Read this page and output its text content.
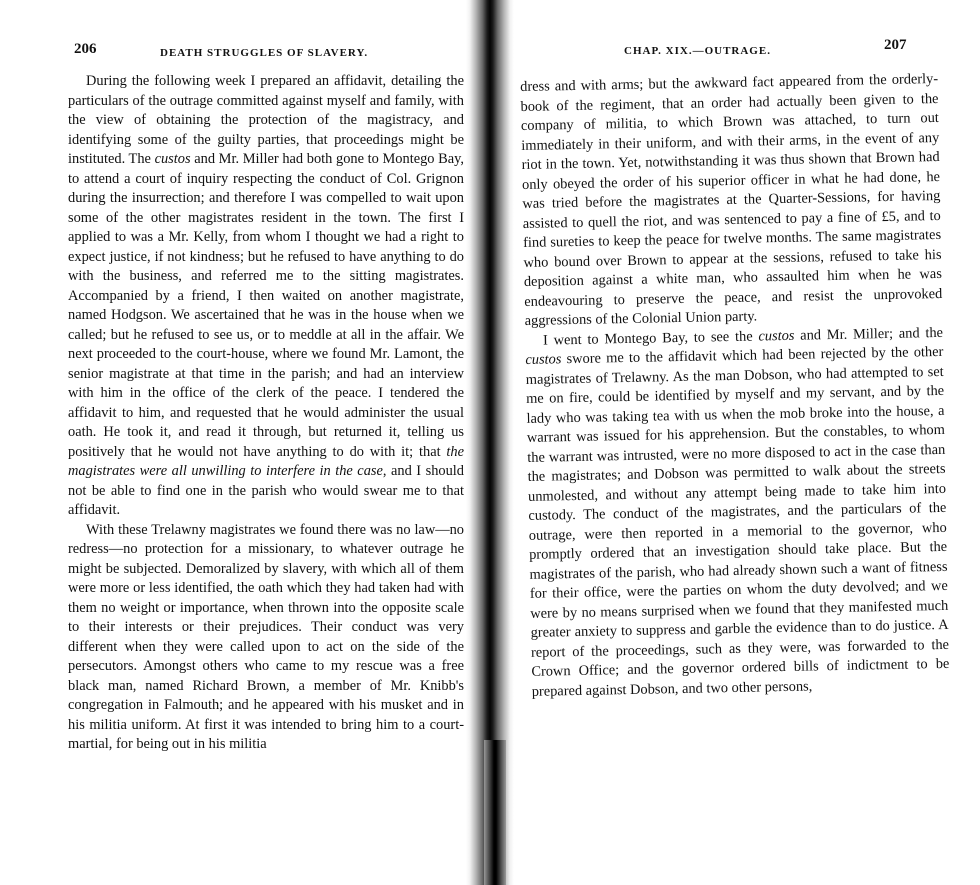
206	DEATH STRUGGLES OF SLAVERY.	CHAP. XIX.—OUTRAGE.	207

During the following week I prepared an affidavit, detailing the particulars of the outrage committed against myself and family, with the view of obtaining the protection of the magistracy, and identifying some of the guilty parties, that proceedings might be instituted. The custos and Mr. Miller had both gone to Montego Bay, to attend a court of inquiry respecting the conduct of Col. Grignon during the insurrection; and therefore I was compelled to wait upon some of the other magistrates resident in the town. The first I applied to was a Mr. Kelly, from whom I thought we had a right to expect justice, if not kindness; but he refused to have anything to do with the business, and referred me to the sitting magistrates. Accompanied by a friend, I then waited on another magistrate, named Hodgson. We ascertained that he was in the house when we called; but he refused to see us, or to meddle at all in the affair. We next proceeded to the court-house, where we found Mr. Lamont, the senior magistrate at that time in the parish; and had an interview with him in the office of the clerk of the peace. I tendered the affidavit to him, and requested that he would administer the usual oath. He took it, and read it through, but returned it, telling us positively that he would not have anything to do with it; that the magistrates were all unwilling to interfere in the case, and I should not be able to find one in the parish who would swear me to that affidavit.

With these Trelawny magistrates we found there was no law—no redress—no protection for a missionary, to whatever outrage he might be subjected. Demoralized by slavery, with which all of them were more or less identified, the oath which they had taken had with them no weight or importance, when thrown into the opposite scale to their interests or their prejudices. Their conduct was very different when they were called upon to act on the side of the persecutors. Amongst others who came to my rescue was a free black man, named Richard Brown, a member of Mr. Knibb's congregation in Falmouth; and he appeared with his musket and in his militia uniform. At first it was intended to bring him to a court-martial, for being out in his militia

dress and with arms; but the awkward fact appeared from the orderly-book of the regiment, that an order had actually been given to the company of militia, to which Brown was attached, to turn out immediately in their uniform, and with their arms, in the event of any riot in the town. Yet, notwithstanding it was thus shown that Brown had only obeyed the order of his superior officer in what he had done, he was tried before the magistrates at the Quarter-Sessions, for having assisted to quell the riot, and was sentenced to pay a fine of £5, and to find sureties to keep the peace for twelve months. The same magistrates who bound over Brown to appear at the sessions, refused to take his deposition against a white man, who assaulted him when he was endeavouring to preserve the peace, and resist the unprovoked aggressions of the Colonial Union party.

I went to Montego Bay, to see the custos and Mr. Miller; and the custos swore me to the affidavit which had been rejected by the other magistrates of Trelawny. As the man Dobson, who had attempted to set me on fire, could be identified by myself and my servant, and by the lady who was taking tea with us when the mob broke into the house, a warrant was issued for his apprehension. But the constables, to whom the warrant was intrusted, were no more disposed to act in the case than the magistrates; and Dobson was permitted to walk about the streets unmolested, and without any attempt being made to take him into custody. The conduct of the magistrates, and the particulars of the outrage, were then reported in a memorial to the governor, who promptly ordered that an investigation should take place. But the magistrates of the parish, who had already shown such a want of fitness for their office, were the parties on whom the duty devolved; and we were by no means surprised when we found that they manifested much greater anxiety to suppress and garble the evidence than to do justice. A report of the proceedings, such as they were, was forwarded to the Crown Office; and the governor ordered bills of indictment to be prepared against Dobson, and two other persons,
